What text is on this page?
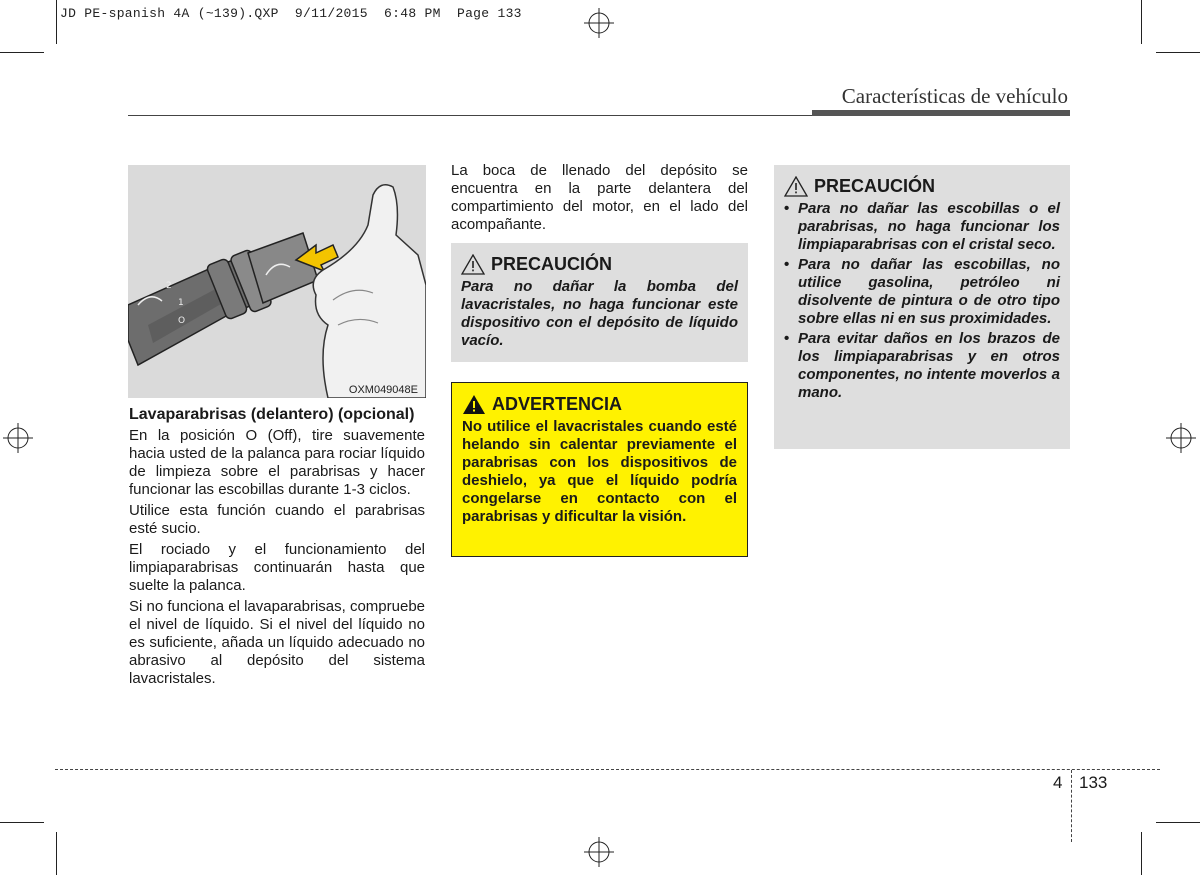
JD PE-spanish 4A (~139).QXP  9/11/2015  6:48 PM  Page 133
Características de vehículo
2
1
O
OXM049048E
Lavaparabrisas (delantero) (opcional)

En la posición O (Off), tire suavemente hacia usted de la palanca para rociar líquido de limpieza sobre el parabrisas y hacer funcionar las escobillas durante 1-3 ciclos.

Utilice esta función cuando el parabrisas esté sucio.

El rociado y el funcionamiento del limpiaparabrisas continuarán hasta que suelte la palanca.

Si no funciona el lavaparabrisas, compruebe el nivel de líquido. Si el nivel del líquido no es suficiente, añada un líquido adecuado no abrasivo al depósito del sistema lavacristales.

La boca de llenado del depósito se encuentra en la parte delantera del compartimiento del motor, en el lado del acompañante.
PRECAUCIÓN
Para no dañar la bomba del lavacristales, no haga funcionar este dispositivo con el depósito de líquido vacío.
ADVERTENCIA
No utilice el lavacristales cuando esté helando sin calentar previamente el parabrisas con los dispositivos de deshielo, ya que el líquido podría congelarse en contacto con el parabrisas y dificultar la visión.
PRECAUCIÓN
• Para no dañar las escobillas o el parabrisas, no haga funcionar los limpiaparabrisas con el cristal seco.
• Para no dañar las escobillas, no utilice gasolina, petróleo ni disolvente de pintura o de otro tipo sobre ellas ni en sus proximidades.
• Para evitar daños en los brazos de los limpiaparabrisas y en otros componentes, no intente moverlos a mano.
4 133
